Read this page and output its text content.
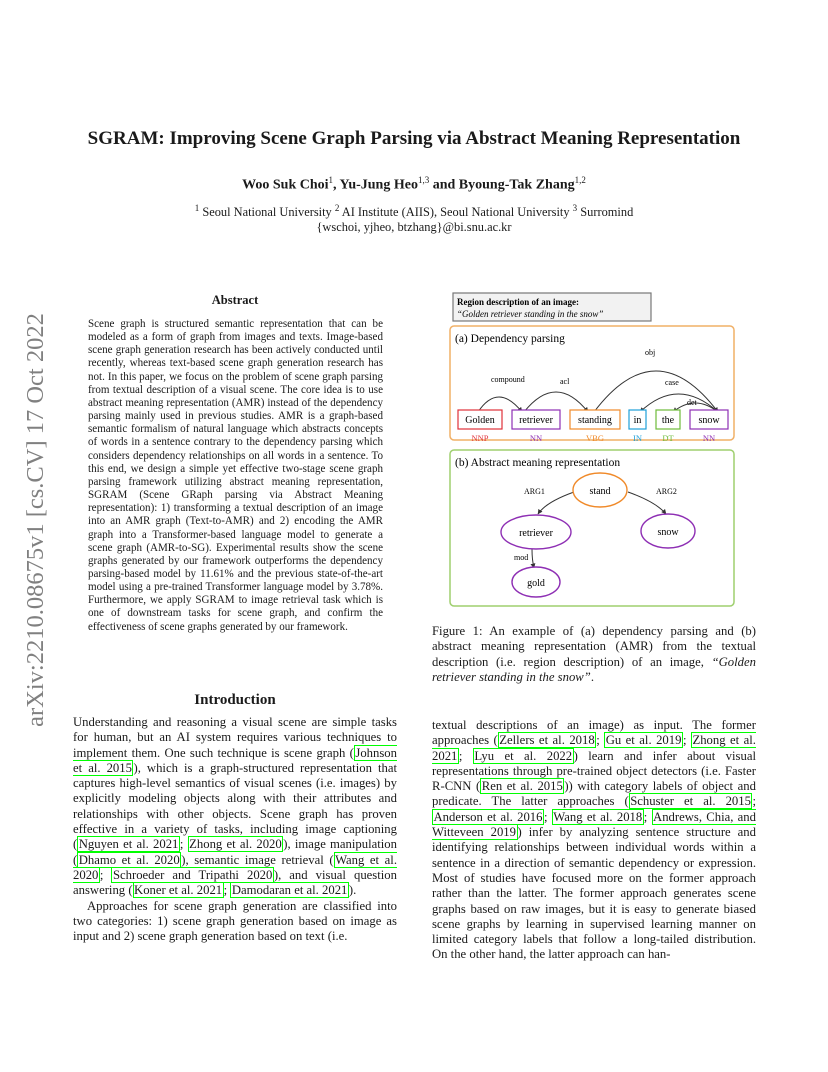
arXiv:2210.08675v1 [cs.CV] 17 Oct 2022
SGRAM: Improving Scene Graph Parsing via Abstract Meaning Representation
Woo Suk Choi$^1$, Yu-Jung Heo$^{1,3}$ and Byoung-Tak Zhang$^{1,2}$
$^1$ Seoul National University $^2$ AI Institute (AIIS), Seoul National University $^3$ Surromind
{wschoi, yjheo, btzhang}@bi.snu.ac.kr
Abstract
Scene graph is structured semantic representation that can be modeled as a form of graph from images and texts. Image-based scene graph generation research has been actively conducted until recently, whereas text-based scene graph generation research has not. In this paper, we focus on the problem of scene graph parsing from textual description of a visual scene. The core idea is to use abstract meaning representation (AMR) instead of the dependency parsing mainly used in previous studies. AMR is a graph-based semantic formalism of natural language which abstracts concepts of words in a sentence contrary to the dependency parsing which considers dependency relationships on all words in a sentence. To this end, we design a simple yet effective two-stage scene graph parsing framework utilizing abstract meaning representation, SGRAM (Scene GRaph parsing via Abstract Meaning representation): 1) transforming a textual description of an image into an AMR graph (Text-to-AMR) and 2) encoding the AMR graph into a Transformer-based language model to generate a scene graph (AMR-to-SG). Experimental results show the scene graphs generated by our framework outperforms the dependency parsing-based model by 11.61% and the previous state-of-the-art model using a pre-trained Transformer language model by 3.78%. Furthermore, we apply SGRAM to image retrieval task which is one of downstream tasks for scene graph, and confirm the effectiveness of scene graphs generated by our framework.
Introduction

Understanding and reasoning a visual scene are simple tasks for human, but an AI system requires various techniques to implement them. One such technique is scene graph ( Johnson et al. 2015 ), which is a graph-structured representation that captures high-level semantics of visual scenes (i.e. images) by explicitly modeling objects along with their attributes and relationships with other objects. Scene graph has proven effective in a variety of tasks, including image captioning ( Nguyen et al. 2021 ; Zhong et al. 2020 ), image manipulation ( Dhamo et al. 2020 ), semantic image retrieval ( Wang et al. 2020 ; Schroeder and Tripathi 2020 ), and visual question answering ( Koner et al. 2021 ; Damodaran et al. 2021 ).

Approaches for scene graph generation are classified into two categories: 1) scene graph generation based on image as input and 2) scene graph generation based on text (i.e.

textual descriptions of an image) as input. The former approaches ( Zellers et al. 2018 ; Gu et al. 2019 ; Zhong et al. 2021 ; Lyu et al. 2022 ) learn and infer about visual representations through pre-trained object detectors (i.e. Faster R-CNN ( Ren et al. 2015 )) with category labels of object and predicate. The latter approaches ( Schuster et al. 2015 ; Anderson et al. 2016 ; Wang et al. 2018 ; Andrews, Chia, and Witteveen 2019 ) infer by analyzing sentence structure and identifying relationships between individual words within a sentence in a direction of semantic dependency or expression. Most of studies have focused more on the former approach rather than the latter. The former approach generates scene graphs based on raw images, but it is easy to generate biased scene graphs by learning in supervised learning manner on limited category labels that follow a long-tailed distribution. On the other hand, the latter approach can han-

Region description of an image:
“Golden retriever standing in the snow”
(a) Dependency parsing
compound	acl
obj
case
det
Golden retriever	standing in the snow
NNP	NN	VBG	IN DT	NN
(b) Abstract meaning representation
ARG1	ARG2
mod
stand
retriever	snow
gold
Figure 1: An example of (a) dependency parsing and (b) abstract meaning representation (AMR) from the textual description (i.e. region description) of an image, “Golden retriever standing in the snow”.
